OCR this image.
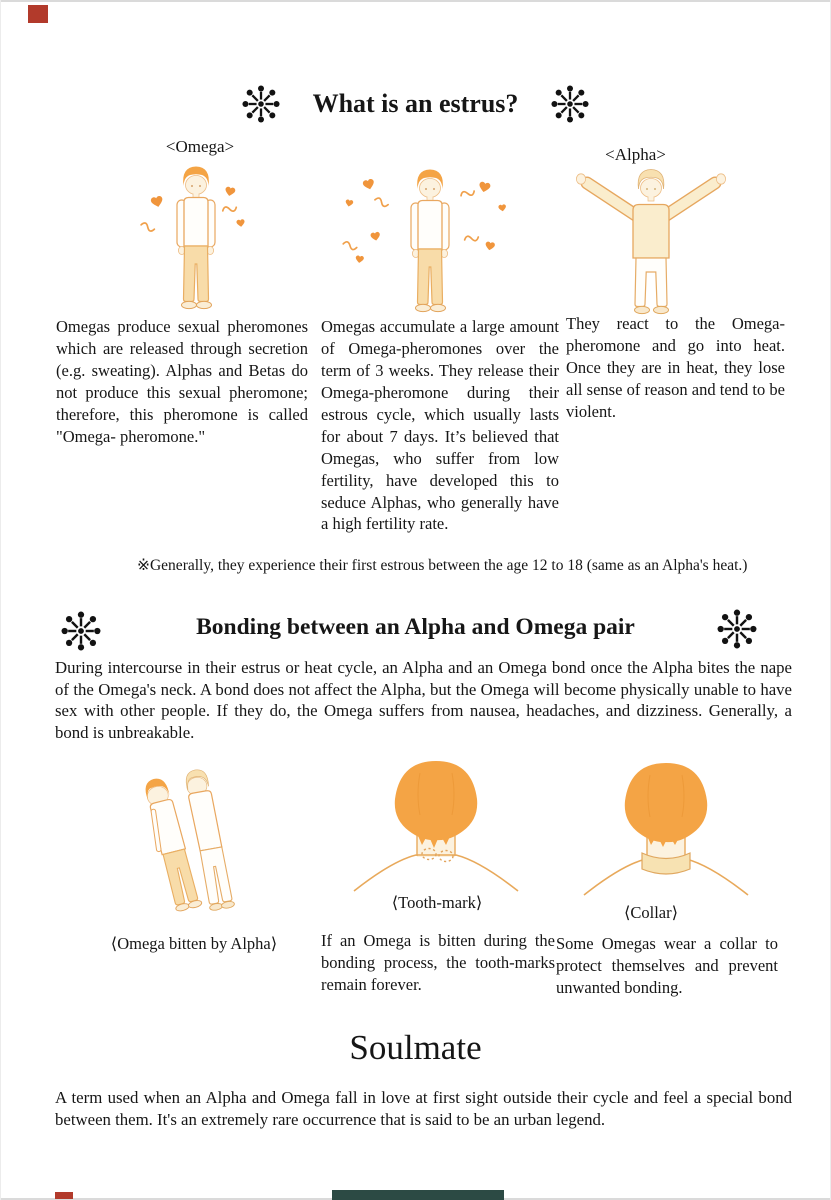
What is an estrus?
<Omega>	<Alpha>
Omegas produce sexual pheromones which are released through secretion (e.g. sweating). Alphas and Betas do not produce this sexual pheromone; therefore, this pheromone is called "Omega- pheromone."
Omegas accumulate a large amount of Omega-pheromones over the term of 3 weeks. They release their Omega-pheromone during their estrous cycle, which usually lasts for about 7 days. It’s believed that Omegas, who suffer from low fertility, have developed this to seduce Alphas, who generally have a high fertility rate.
They react to the Omega-pheromone and go into heat. Once they are in heat, they lose all sense of reason and tend to be violent.
※Generally, they experience their first estrous between the age 12 to 18 (same as an Alpha's heat.)
Bonding between an Alpha and Omega pair
During intercourse in their estrus or heat cycle, an Alpha and an Omega bond once the Alpha bites the nape of the Omega's neck. A bond does not affect the Alpha, but the Omega will become physically unable to have sex with other people. If they do, the Omega suffers from nausea, headaches, and dizziness. Generally, a bond is unbreakable.
⟨Omega bitten by Alpha⟩
⟨Tooth-mark⟩
⟨Collar⟩
If an Omega is bitten during the bonding process, the tooth-marks remain forever.
Some Omegas wear a collar to protect themselves and prevent unwanted bonding.
Soulmate
A term used when an Alpha and Omega fall in love at first sight outside their cycle and feel a special bond between them. It's an extremely rare occurrence that is said to be an urban legend.
